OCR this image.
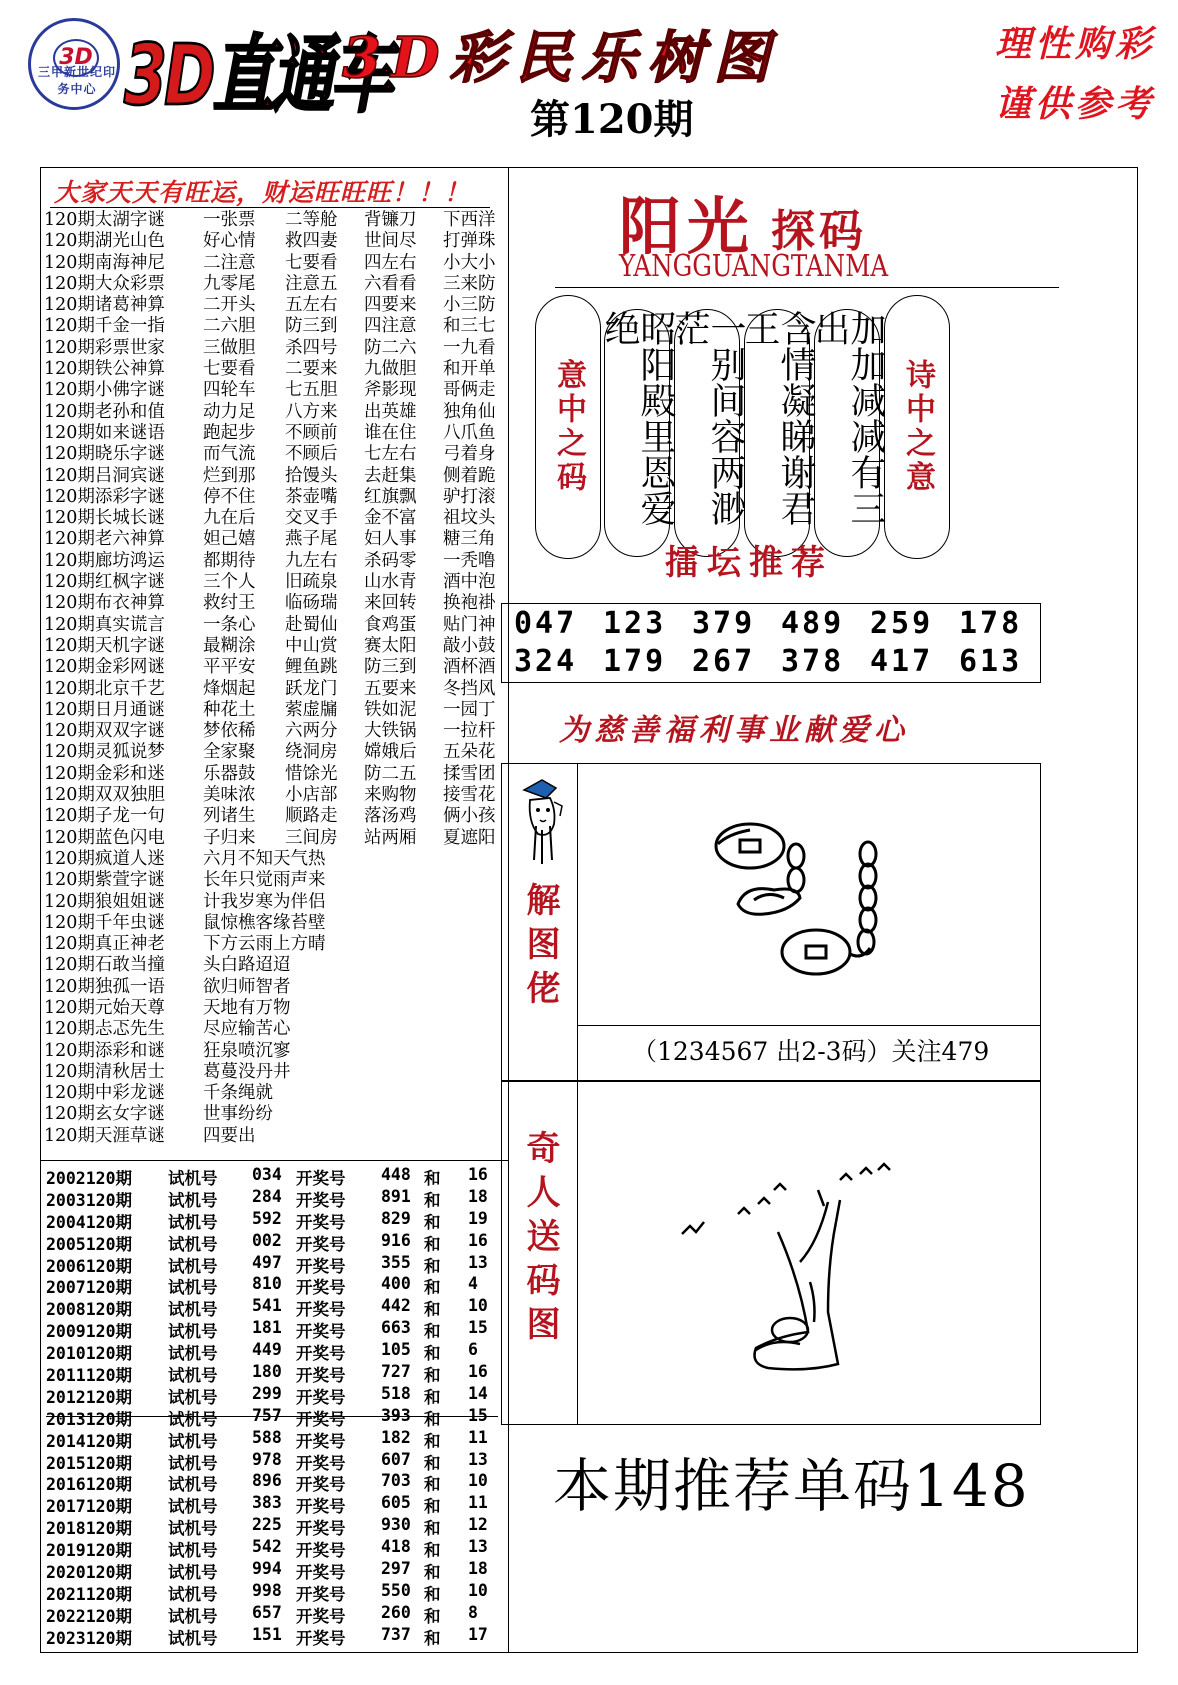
3D
三甲新世纪印务中心 3D直通车
3D彩民乐树图
第120期
理性购彩
谨供参考
大家天天有旺运，财运旺旺旺！！！
120期太湖字谜 一张票 二等舱 背镰刀 下西洋
120期湖光山色 好心情 救四妻 世间尽 打弹珠
120期南海神尼 二注意 七要看 四左右 小大小
120期大众彩票 九零尾 注意五 六看看 三来防
120期诸葛神算 二开头 五左右 四要来 小三防
120期千金一指 二六胆 防三到 四注意 和三七
120期彩票世家 三做胆 杀四号 防二六 一九看
120期铁公神算 七要看 二要来 九做胆 和开单
120期小佛字谜 四轮车 七五胆 斧影现 哥俩走
120期老孙和值 动力足 八方来 出英雄 独角仙
120期如来谜语 跑起步 不顾前 谁在住 八爪鱼
120期晓乐字谜 而气流 不顾后 七左右 弓着身
120期吕洞宾谜 烂到那 拾馒头 去赶集 侧着跪
120期添彩字谜 停不住 茶壶嘴 红旗飘 驴打滚
120期长城长谜 九在后 交叉手 金不富 祖坟头
120期老六神算 妲己嬉 燕子尾 妇人事 糖三角
120期廊坊鸿运 都期待 九左右 杀码零 一秃噜
120期红枫字谜 三个人 旧疏泉 山水青 酒中泡
120期布衣神算 救纣王 临砀瑞 来回转 换袍褂
120期真实谎言 一条心 赴蜀仙 食鸡蛋 贴门神
120期天机字谜 最糊涂 中山赏 赛太阳 敲小鼓
120期金彩网谜 平平安 鲤鱼跳 防三到 酒杯酒
120期北京千艺 烽烟起 跃龙门 五要来 冬挡风
120期日月通谜 种花土 萦虚牖 铁如泥 一园丁
120期双双字谜 梦依稀 六两分 大铁锅 一拉杆
120期灵狐说梦 全家聚 绕洞房 嫦娥后 五朵花
120期金彩和迷 乐器鼓 惜馀光 防二五 揉雪团
120期双双独胆 美味浓 小店部 来购物 接雪花
120期子龙一句 列诸生 顺路走 落汤鸡 俩小孩
120期蓝色闪电 子归来 三间房 站两厢 夏遮阳
120期疯道人迷 六月不知天气热
120期紫萱字谜 长年只觉雨声来
120期狼姐姐谜 计我岁寒为伴侣
120期千年虫谜 鼠惊樵客缘苔壁
120期真正神老 下方云雨上方晴
120期石敢当撞 头白路迢迢
120期独孤一语 欲归师智者
120期元始天尊 天地有万物
120期忐忑先生 尽应输苦心
120期添彩和谜 狂泉喷沉寥
120期清秋居士 葛蔓没丹井
120期中彩龙谜 千条绳就
120期玄女字谜 世事纷纷
120期天涯草谜 四要出
2002120期 试机号 034 开奖号 448 和 16
2003120期 试机号 284 开奖号 891 和 18
2004120期 试机号 592 开奖号 829 和 19
2005120期 试机号 002 开奖号 916 和 16
2006120期 试机号 497 开奖号 355 和 13
2007120期 试机号 810 开奖号 400 和 4
2008120期 试机号 541 开奖号 442 和 10
2009120期 试机号 181 开奖号 663 和 15
2010120期 试机号 449 开奖号 105 和 6
2011120期 试机号 180 开奖号 727 和 16
2012120期 试机号 299 开奖号 518 和 14
2013120期 试机号 757 开奖号 393 和 15
2014120期 试机号 588 开奖号 182 和 11
2015120期 试机号 978 开奖号 607 和 13
2016120期 试机号 896 开奖号 703 和 10
2017120期 试机号 383 开奖号 605 和 11
2018120期 试机号 225 开奖号 930 和 12
2019120期 试机号 542 开奖号 418 和 13
2020120期 试机号 994 开奖号 297 和 18
2021120期 试机号 998 开奖号 550 和 10
2022120期 试机号 657 开奖号 260 和 8
2023120期 试机号 151 开奖号 737 和 17
阳光 探码
YANGGUANGTANMA
意中之码	昭阳殿里恩爱绝	一别间容两渺茫	含情凝睇谢君王	加加减减有三出
诗中之意
擂坛推荐
047 123 379 489 259 178
324 179 267 378 417 613
为慈善福利事业献爱心
解图佬
（1234567 出2-3码）关注479
奇人送码图
本期推荐单码148
